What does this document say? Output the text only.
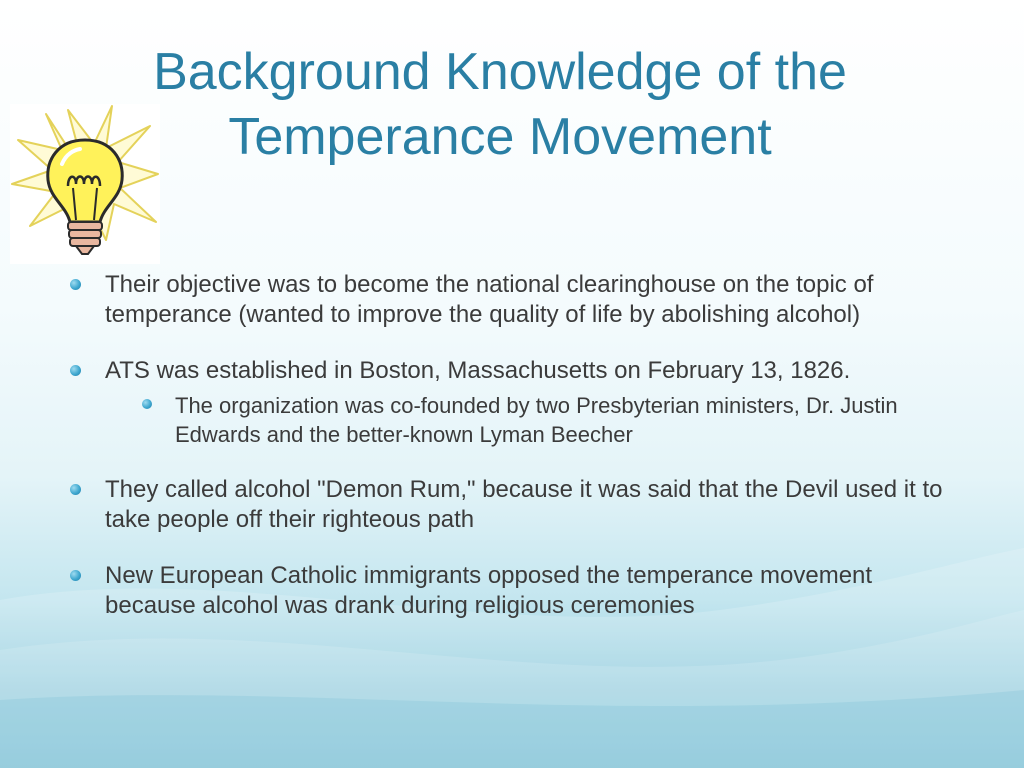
Background Knowledge of the Temperance Movement
Their objective was to become the national clearinghouse on the topic of temperance (wanted to improve the quality of life by abolishing alcohol)
ATS was established in Boston, Massachusetts on February 13, 1826.
The organization was co-founded by two Presbyterian ministers, Dr. Justin Edwards and the better-known Lyman Beecher
They called alcohol "Demon Rum," because it was said that the Devil used it to take people off their righteous path
New European Catholic immigrants opposed the temperance movement because alcohol was drank during religious ceremonies
